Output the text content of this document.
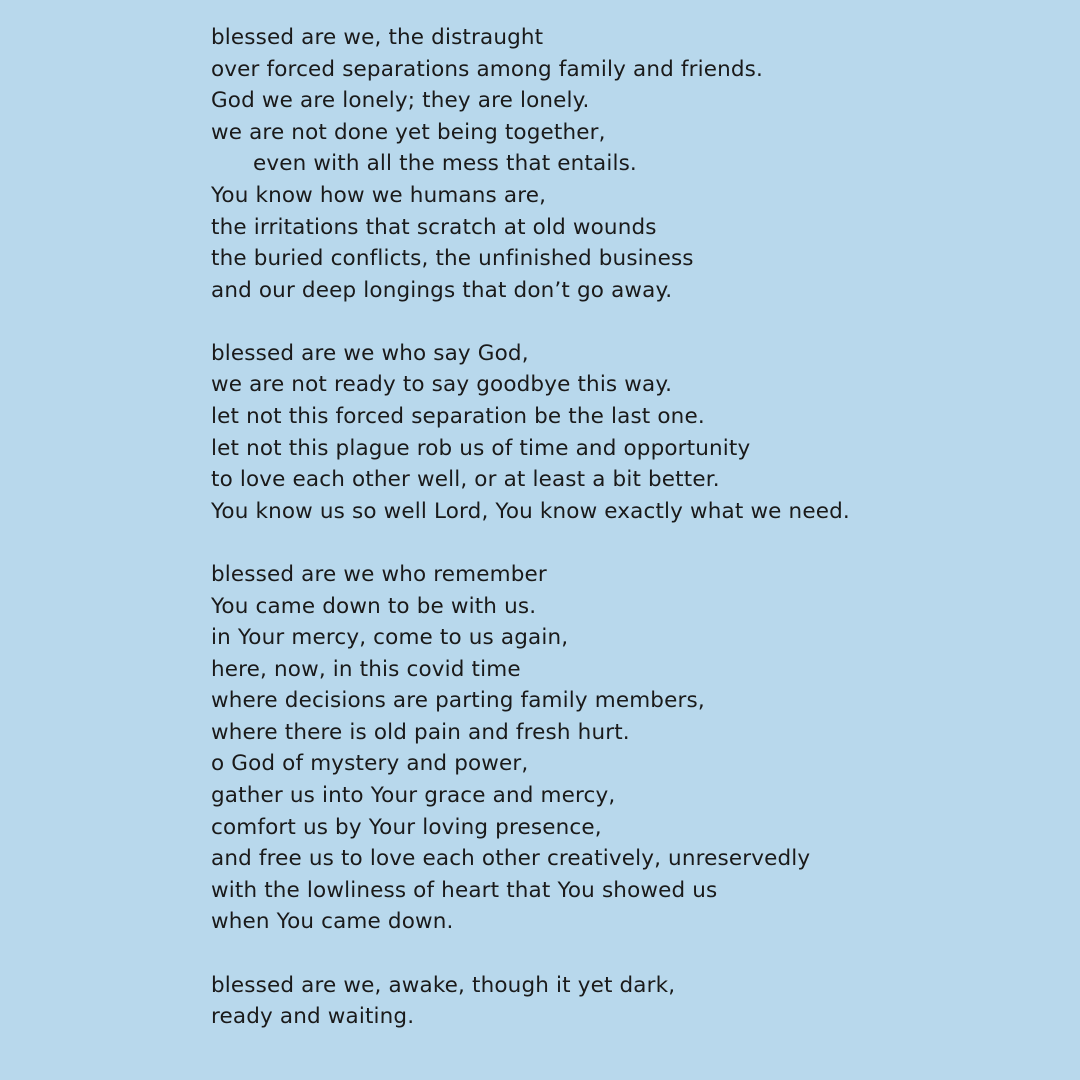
blessed are we, the distraught
over forced separations among family and friends.
God we are lonely; they are lonely.
we are not done yet being together,
even with all the mess that entails.
You know how we humans are,
the irritations that scratch at old wounds
the buried conflicts, the unfinished business
and our deep longings that don’t go away.
blessed are we who say God,
we are not ready to say goodbye this way.
let not this forced separation be the last one.
let not this plague rob us of time and opportunity
to love each other well, or at least a bit better.
You know us so well Lord, You know exactly what we need.
blessed are we who remember
You came down to be with us.
in Your mercy, come to us again,
here, now, in this covid time
where decisions are parting family members,
where there is old pain and fresh hurt.
o God of mystery and power,
gather us into Your grace and mercy,
comfort us by Your loving presence,
and free us to love each other creatively, unreservedly
with the lowliness of heart that You showed us
when You came down.
blessed are we, awake, though it yet dark,
ready and waiting.
